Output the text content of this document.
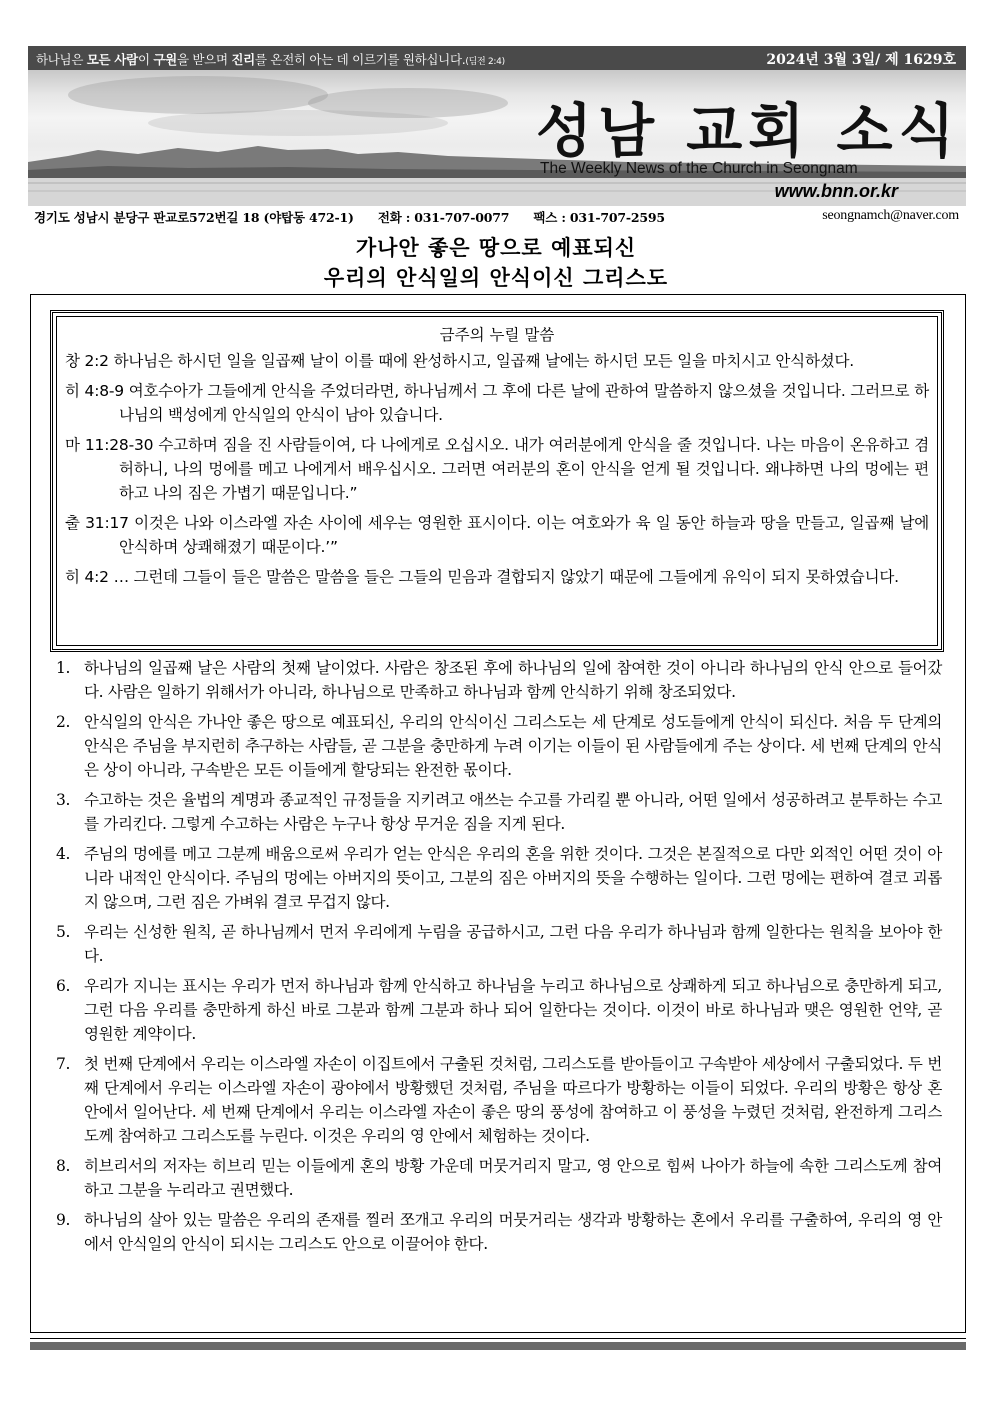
하나님은 모든 사람이 구원을 받으며 진리를 온전히 아는 데 이르기를 원하십니다.(딤전 2:4)	2024년 3월 3일/ 제 1629호
성남 교회 소식
The Weekly News of the Church in Seongnam
www.bnn.or.kr
경기도 성남시 분당구 판교로572번길 18 (야탑동 472-1) 전화 : 031-707-0077 팩스 : 031-707-2595	seongnamch@naver.com
가나안 좋은 땅으로 예표되신
우리의 안식일의 안식이신 그리스도
금주의 누릴 말씀
창 2:2 하나님은 하시던 일을 일곱째 날이 이를 때에 완성하시고, 일곱째 날에는 하시던 모든 일을 마치시고 안식하셨다.
히 4:8-9 여호수아가 그들에게 안식을 주었더라면, 하나님께서 그 후에 다른 날에 관하여 말씀하지 않으셨을 것입니다. 그러므로 하나님의 백성에게 안식일의 안식이 남아 있습니다.
마 11:28-30 수고하며 짐을 진 사람들이여, 다 나에게로 오십시오. 내가 여러분에게 안식을 줄 것입니다. 나는 마음이 온유하고 겸허하니, 나의 멍에를 메고 나에게서 배우십시오. 그러면 여러분의 혼이 안식을 얻게 될 것입니다. 왜냐하면 나의 멍에는 편하고 나의 짐은 가볍기 때문입니다.”
출 31:17 이것은 나와 이스라엘 자손 사이에 세우는 영원한 표시이다. 이는 여호와가 육 일 동안 하늘과 땅을 만들고, 일곱째 날에 안식하며 상쾌해졌기 때문이다.’”
히 4:2 … 그런데 그들이 들은 말씀은 말씀을 들은 그들의 믿음과 결합되지 않았기 때문에 그들에게 유익이 되지 못하였습니다.
1. 하나님의 일곱째 날은 사람의 첫째 날이었다. 사람은 창조된 후에 하나님의 일에 참여한 것이 아니라 하나님의 안식 안으로 들어갔다. 사람은 일하기 위해서가 아니라, 하나님으로 만족하고 하나님과 함께 안식하기 위해 창조되었다.
2. 안식일의 안식은 가나안 좋은 땅으로 예표되신, 우리의 안식이신 그리스도는 세 단계로 성도들에게 안식이 되신다. 처음 두 단계의 안식은 주님을 부지런히 추구하는 사람들, 곧 그분을 충만하게 누려 이기는 이들이 된 사람들에게 주는 상이다. 세 번째 단계의 안식은 상이 아니라, 구속받은 모든 이들에게 할당되는 완전한 몫이다.
3. 수고하는 것은 율법의 계명과 종교적인 규정들을 지키려고 애쓰는 수고를 가리킬 뿐 아니라, 어떤 일에서 성공하려고 분투하는 수고를 가리킨다. 그렇게 수고하는 사람은 누구나 항상 무거운 짐을 지게 된다.
4. 주님의 멍에를 메고 그분께 배움으로써 우리가 얻는 안식은 우리의 혼을 위한 것이다. 그것은 본질적으로 다만 외적인 어떤 것이 아니라 내적인 안식이다. 주님의 멍에는 아버지의 뜻이고, 그분의 짐은 아버지의 뜻을 수행하는 일이다. 그런 멍에는 편하여 결코 괴롭지 않으며, 그런 짐은 가벼워 결코 무겁지 않다.
5. 우리는 신성한 원칙, 곧 하나님께서 먼저 우리에게 누림을 공급하시고, 그런 다음 우리가 하나님과 함께 일한다는 원칙을 보아야 한다.
6. 우리가 지니는 표시는 우리가 먼저 하나님과 함께 안식하고 하나님을 누리고 하나님으로 상쾌하게 되고 하나님으로 충만하게 되고, 그런 다음 우리를 충만하게 하신 바로 그분과 함께 그분과 하나 되어 일한다는 것이다. 이것이 바로 하나님과 맺은 영원한 언약, 곧 영원한 계약이다.
7. 첫 번째 단계에서 우리는 이스라엘 자손이 이집트에서 구출된 것처럼, 그리스도를 받아들이고 구속받아 세상에서 구출되었다. 두 번째 단계에서 우리는 이스라엘 자손이 광야에서 방황했던 것처럼, 주님을 따르다가 방황하는 이들이 되었다. 우리의 방황은 항상 혼 안에서 일어난다. 세 번째 단계에서 우리는 이스라엘 자손이 좋은 땅의 풍성에 참여하고 이 풍성을 누렸던 것처럼, 완전하게 그리스도께 참여하고 그리스도를 누린다. 이것은 우리의 영 안에서 체험하는 것이다.
8. 히브리서의 저자는 히브리 믿는 이들에게 혼의 방황 가운데 머뭇거리지 말고, 영 안으로 힘써 나아가 하늘에 속한 그리스도께 참여하고 그분을 누리라고 권면했다.
9. 하나님의 살아 있는 말씀은 우리의 존재를 찔러 쪼개고 우리의 머뭇거리는 생각과 방황하는 혼에서 우리를 구출하여, 우리의 영 안에서 안식일의 안식이 되시는 그리스도 안으로 이끌어야 한다.
